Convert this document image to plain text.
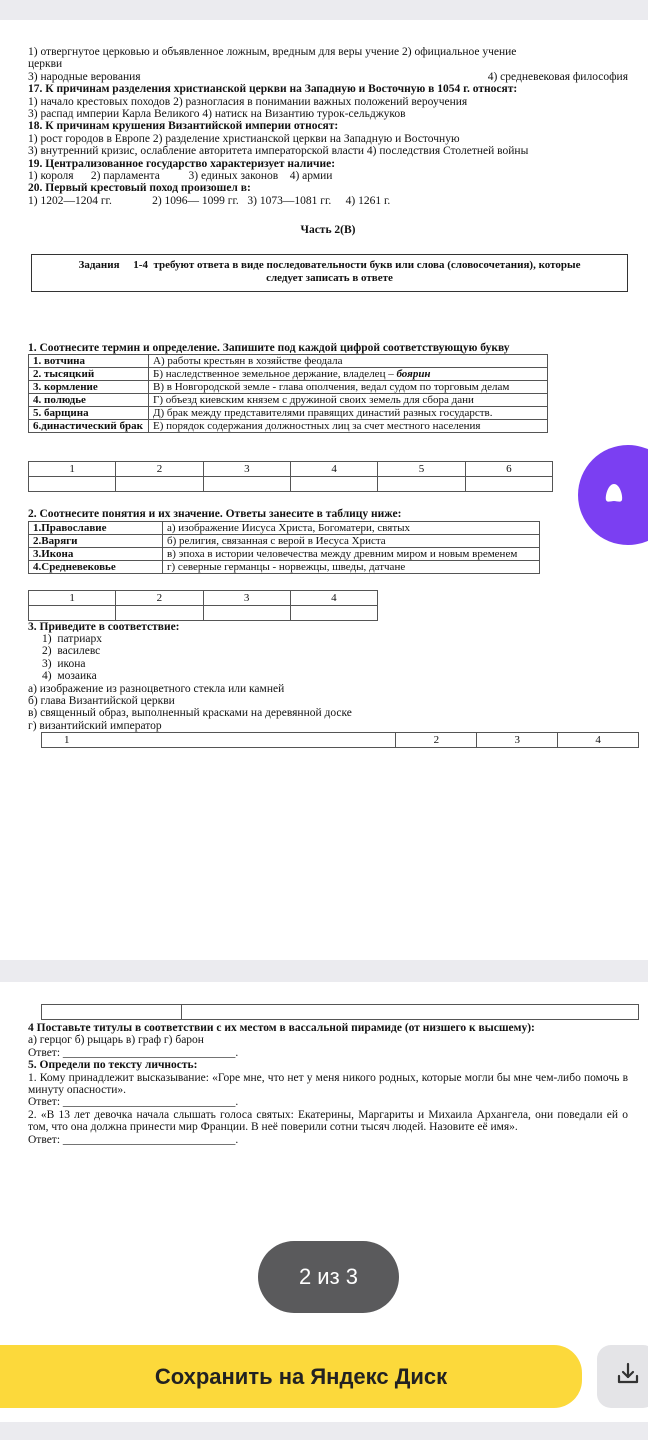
1) отвергнутое церковью и объявленное ложным, вредным для веры учение 2) официальное учение
церкви
3) народные верования	4) средневековая философия
17. К причинам разделения христианской церкви на Западную и Восточную в 1054 г. относят:
1) начало крестовых походов 2) разногласия в понимании важных положений вероучения
3) распад империи Карла Великого 4) натиск на Византию турок-сельджуков
18. К причинам крушения Византийской империи относят:
1) рост городов в Европе 2) разделение христианской церкви на Западную и Восточную
3) внутренний кризис, ослабление авторитета императорской власти 4) последствия Столетней войны
19. Централизованное государство характеризует наличие:
1) короля      2) парламента          3) единых законов    4) армии
20. Первый крестовый поход произошел в:
1) 1202—1204 гг.              2) 1096— 1099 гг.   3) 1073—1081 гг.     4) 1261 г.
Часть 2(В)
Задания     1-4  требуют ответа в виде последовательности букв или слова (словосочетания), которые
следует записать в ответе
1. Соотнесите термин и определение. Запишите под каждой цифрой соответствующую букву
1. вотчина	А) работы крестьян в хозяйстве феодала
2. тысяцкий	Б) наследственное земельное держание, владелец – боярин
3. кормление	В) в Новгородской земле - глава ополчения, ведал судом по торговым делам
4. полюдье	Г) объезд киевским князем с дружиной своих земель для сбора дани
5. барщина	Д) брак между представителями правящих династий разных государств.
6.династический брак	Е) порядок содержания должностных лиц за счет местного населения
1	2	3	4	5	6

2. Соотнесите понятия и их значение. Ответы занесите в таблицу ниже:
1.Православие	а) изображение Иисуса Христа, Богоматери, святых
2.Варяги	б) религия, связанная с верой в Иесуса Христа
3.Икона	в) эпоха в истории человечества между древним миром и новым временем
4.Средневековье	г) северные германцы - норвежцы, шведы, датчане
1	2	3	4

3. Приведите в соответствие:
1)  патриарх
2)  василевс
3)  икона
4)  мозаика
а) изображение из разноцветного стекла или камней
б) глава Византийской церкви
в) священный образ, выполненный красками на деревянной доске
г) византийский император
1	2	3	4

4 Поставьте титулы в соответствии с их местом в вассальной пирамиде (от низшего к высшему):
а) герцог б) рыцарь в) граф г) барон
Ответ: ______________________________.
5. Определи по тексту личность:
1. Кому принадлежит высказывание: «Горе мне, что нет у меня никого родных, которые могли бы мне чем-либо помочь в минуту опасности».
Ответ: ______________________________.
2. «В 13 лет девочка начала слышать голоса святых: Екатерины, Маргариты и Михаила Архангела, они поведали ей о том, что она должна принести мир Франции. В неё поверили сотни тысяч людей. Назовите её имя».
Ответ: ______________________________.
2 из 3
Сохранить на Яндекс Диск
